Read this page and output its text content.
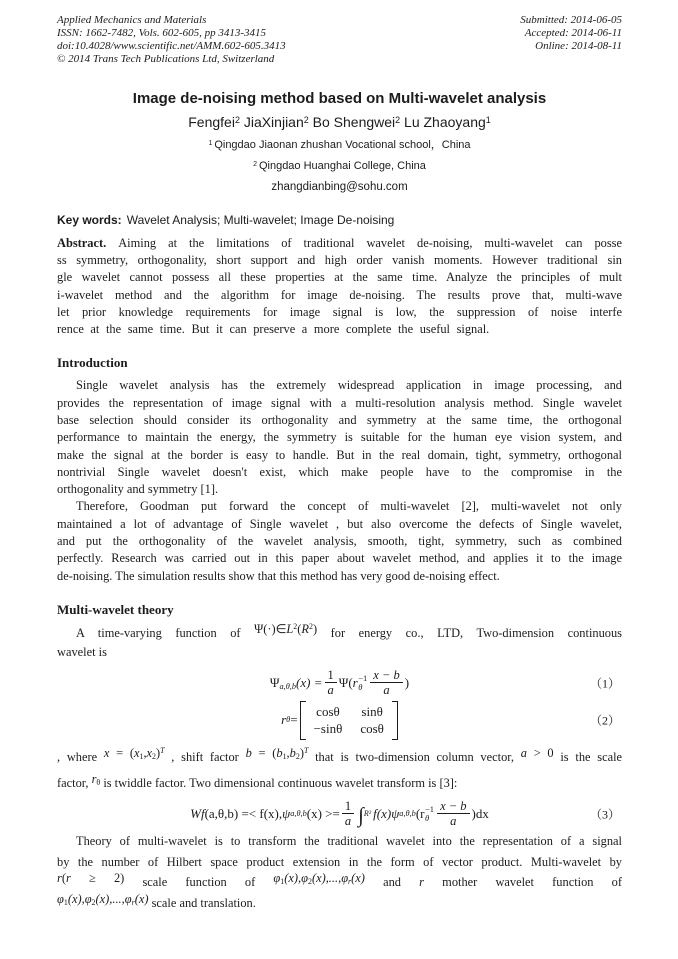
Applied Mechanics and Materials
ISSN: 1662-7482, Vols. 602-605, pp 3413-3415
doi:10.4028/www.scientific.net/AMM.602-605.3413
© 2014 Trans Tech Publications Ltd, Switzerland
Submitted: 2014-06-05
Accepted: 2014-06-11
Online: 2014-08-11
Image de-noising method based on Multi-wavelet analysis
Fengfei$^2$ JiaXinjian$^2$ Bo Shengwei$^2$ Lu Zhaoyang$^1$
$^1$ Qingdao Jiaonan zhushan Vocational school，China
$^2$ Qingdao Huanghai College, China
zhangdianbing@sohu.com
Key words: Wavelet Analysis; Multi-wavelet; Image De-noising
Abstract. Aiming at the limitations of traditional wavelet de-noising, multi-wavelet can posse
ss symmetry, orthogonality, short support and high order vanish moments. However traditional sin
gle wavelet cannot possess all these properties at the same time. Analyze the principles of mult
i-wavelet method and the algorithm for image de-noising. The results prove that, multi-wave
let prior knowledge requirements for image signal is low, the suppression of noise interfe
rence at the same time. But it can preserve a more complete the useful signal.
Introduction
Single wavelet analysis has the extremely widespread application in image processing, and
provides the representation of image signal with a multi-resolution analysis method. Single wavelet
base selection should consider its orthogonality and symmetry at the same time, the orthogonal
performance to maintain the energy, the symmetry is suitable for the human eye vision system, and
make the signal at the border is easy to handle. But in the real domain, tight, symmetry, orthogonal
nontrivial Single wavelet doesn't exist, which make people have to the compromise in the
orthogonality and symmetry [1].
Therefore, Goodman put forward the concept of multi-wavelet [2], multi-wavelet not only
maintained a lot of advantage of Single wavelet , but also overcome the defects of Single wavelet,
and put the orthogonality of the wavelet analysis, smooth, tight, symmetry, such as combined
perfectly. Research was carried out in this paper about wavelet method, and applies it to the image
de-noising. The simulation results show that this method has very good de-noising effect.
Multi-wavelet theory
A time-varying function of $\Psi(\cdot)\in L^2(R^2)$ for energy co., LTD, Two-dimension continuous
wavelet is
$\Psi_{a,\theta,b}(x) = \frac{1}{a} \Psi$( r −1
θ $\frac{x - b}{a}$ )	（1）
r θ =
cosθ sinθ
−sinθ cosθ	（2）
, where $x = (x_1,x_2)^T$ , shift factor $b = (b_1,b_2)^T$ that is two-dimension column vector, a > 0 is the scale
factor, $r_\theta$ is twiddle factor. Two dimensional continuous wavelet transform is [3]:
Wf (a,θ,b) =< f(x), ψ a,θ,b $(x) >= \frac{1}{a}$ ∫ R² f(x) ψ a,θ,b (r −1
θ $\frac{x - b}{a} )dx$	（3）
Theory of multi-wavelet is to transform the traditional wavelet into the representation of a signal
by the number of Hilbert space product extension in the form of vector product. Multi-wavelet by
r(r ≥ 2) scale function of $\varphi_1(x),\varphi_2(x),...,\varphi_r(x)$ and r mother wavelet function of
$\varphi_1(x),\varphi_2(x),...,\varphi_r(x)$ scale and translation.
